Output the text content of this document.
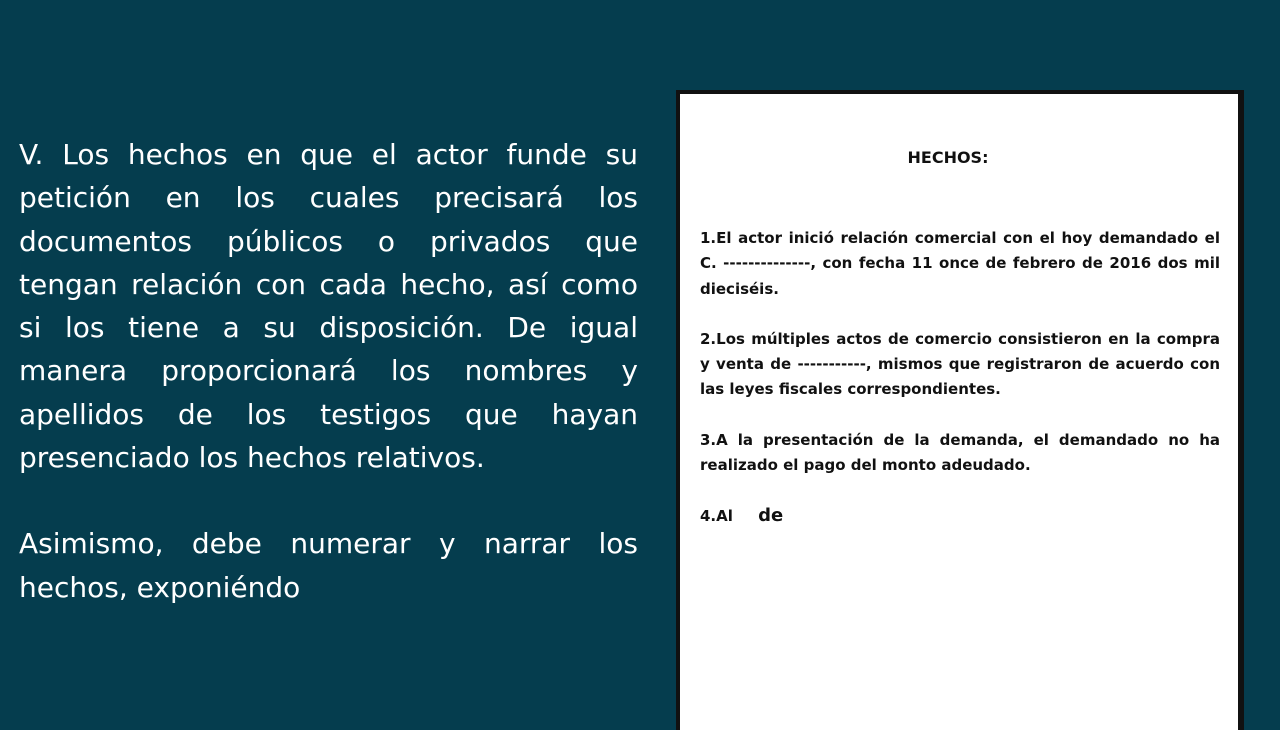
V. Los hechos en que el actor funde su petición en los cuales precisará los documentos públicos o privados que tengan relación con cada hecho, así como si los tiene a su disposición. De igual manera proporcionará los nombres y apellidos de los testigos que hayan presenciado los hechos relativos.

Asimismo, debe numerar y narrar los hechos, exponiéndo

HECHOS:

1.El actor inició relación comercial con el hoy demandado el C. --------------, con fecha 11 once de febrero de 2016 dos mil dieciséis.

2.Los múltiples actos de comercio consistieron en la compra y venta de -----------, mismos que registraron de acuerdo con las leyes fiscales correspondientes.

3.A la presentación de la demanda, el demandado no ha realizado el pago del monto adeudado.

4.Al de
